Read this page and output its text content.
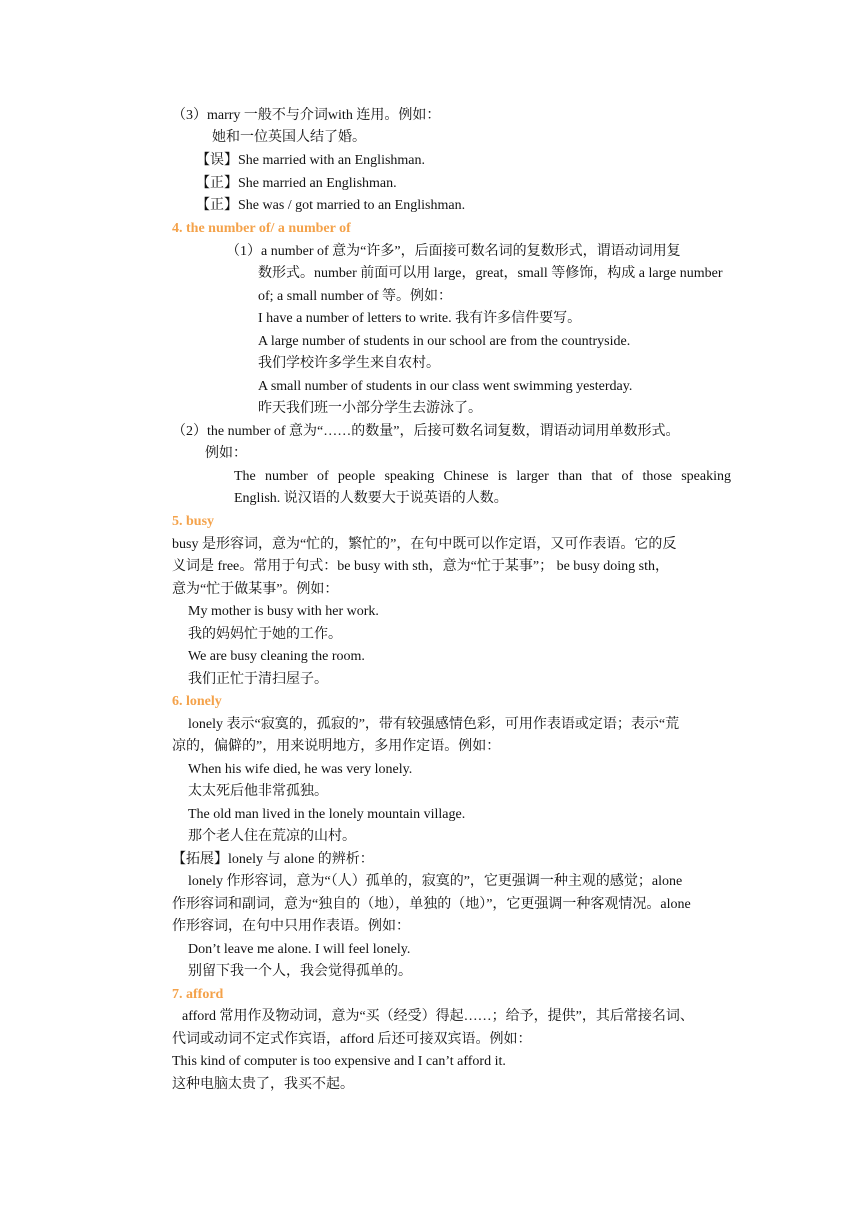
（3）marry 一般不与介词with 连用。例如：
她和一位英国人结了婚。
【误】She married with an Englishman.
【正】She married an Englishman.
【正】She was / got married to an Englishman.
4. the number of/ a number of
（1）a number of 意为“许多”，后面接可数名词的复数形式，谓语动词用复
数形式。number 前面可以用 large，great，small 等修饰，构成 a large number
of; a small number of 等。例如：
I have a number of letters to write. 我有许多信件要写。
A large number of students in our school are from the countryside.
我们学校许多学生来自农村。
A small number of students in our class went swimming yesterday.
昨天我们班一小部分学生去游泳了。
（2）the number of 意为“……的数量”，后接可数名词复数，谓语动词用单数形式。
例如：
The number of people speaking Chinese is larger than that of those speaking
English. 说汉语的人数要大于说英语的人数。
5. busy
busy 是形容词，意为“忙的，繁忙的”，在句中既可以作定语，又可作表语。它的反
义词是 free。常用于句式：be busy with sth，意为“忙于某事”； be busy doing sth，
意为“忙于做某事”。例如：
My mother is busy with her work.
我的妈妈忙于她的工作。
We are busy cleaning the room.
我们正忙于清扫屋子。
6. lonely
lonely 表示“寂寞的，孤寂的”，带有较强感情色彩，可用作表语或定语；表示“荒
凉的，偏僻的”，用来说明地方，多用作定语。例如：
When his wife died, he was very lonely.
太太死后他非常孤独。
The old man lived in the lonely mountain village.
那个老人住在荒凉的山村。
【拓展】lonely 与 alone 的辨析：
lonely 作形容词，意为“（人）孤单的，寂寞的”，它更强调一种主观的感觉；alone
作形容词和副词，意为“独自的（地），单独的（地）”，它更强调一种客观情况。alone
作形容词，在句中只用作表语。例如：
Don’t leave me alone. I will feel lonely.
别留下我一个人，我会觉得孤单的。
7. afford
afford 常用作及物动词，意为“买（经受）得起……；给予，提供”，其后常接名词、
代词或动词不定式作宾语，afford 后还可接双宾语。例如：
This kind of computer is too expensive and I can’t afford it.
这种电脑太贵了，我买不起。
